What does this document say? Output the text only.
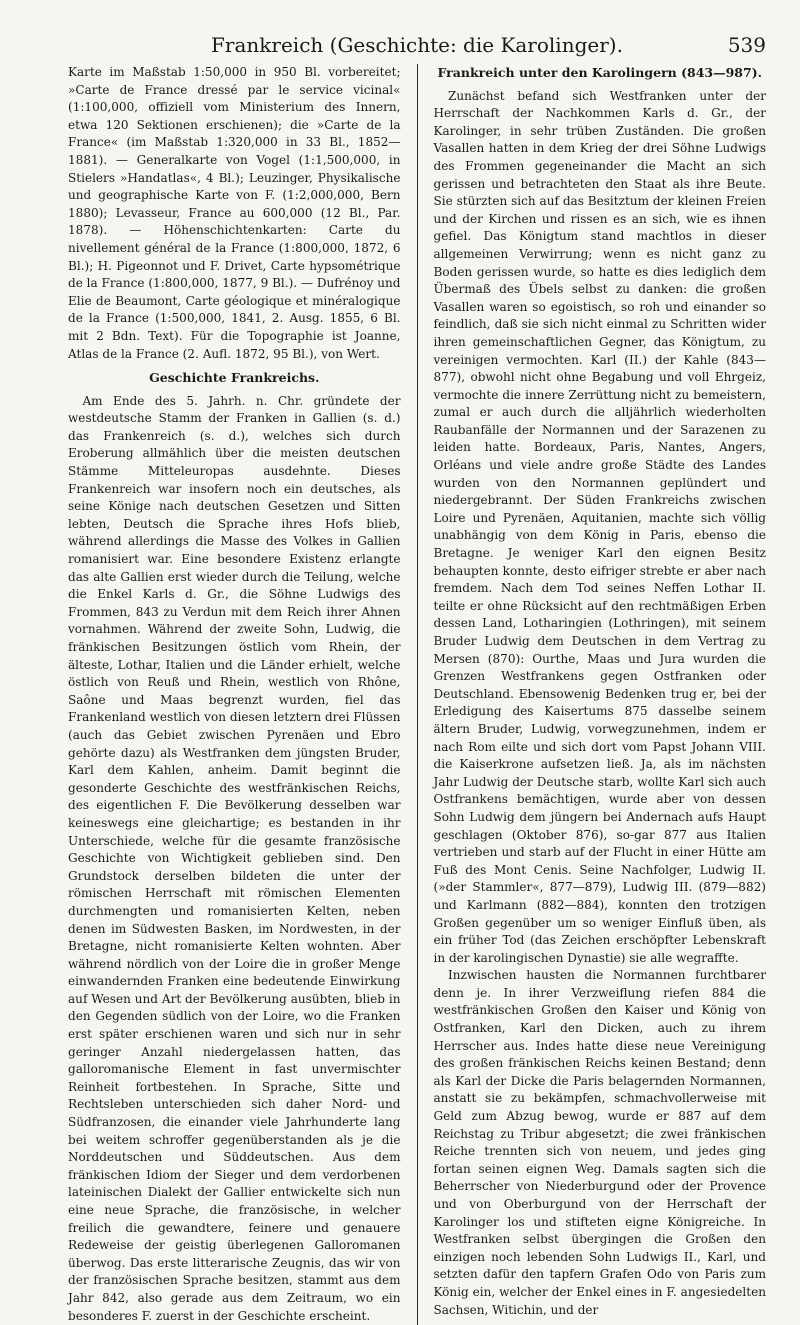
Frankreich (Geschichte: die Karolinger).	539

Karte im Maßstab 1:50,000 in 950 Bl. vorbereitet; »Carte de France dressé par le service vicinal« (1:100,000, offiziell vom Ministerium des Innern, etwa 120 Sektionen erschienen); die »Carte de la France« (im Maßstab 1:320,000 in 33 Bl., 1852—1881). — Generalkarte von Vogel (1:1,500,000, in Stielers »Handatlas«, 4 Bl.); Leuzinger, Physikalische und geographische Karte von F. (1:2,000,000, Bern 1880); Levasseur, France au 600,000 (12 Bl., Par. 1878). — Höhenschichtenkarten: Carte du nivellement général de la France (1:800,000, 1872, 6 Bl.); H. Pigeonnot und F. Drivet, Carte hypsométrique de la France (1:800,000, 1877, 9 Bl.). — Dufrénoy und Elie de Beaumont, Carte géologique et minéralogique de la France (1:500,000, 1841, 2. Ausg. 1855, 6 Bl. mit 2 Bdn. Text). Für die Topographie ist Joanne, Atlas de la France (2. Aufl. 1872, 95 Bl.), von Wert.

Geschichte Frankreichs.

Am Ende des 5. Jahrh. n. Chr. gründete der westdeutsche Stamm der Franken in Gallien (s. d.) das Frankenreich (s. d.), welches sich durch Eroberung allmählich über die meisten deutschen Stämme Mitteleuropas ausdehnte. Dieses Frankenreich war insofern noch ein deutsches, als seine Könige nach deutschen Gesetzen und Sitten lebten, Deutsch die Sprache ihres Hofs blieb, während allerdings die Masse des Volkes in Gallien romanisiert war. Eine besondere Existenz erlangte das alte Gallien erst wieder durch die Teilung, welche die Enkel Karls d. Gr., die Söhne Ludwigs des Frommen, 843 zu Verdun mit dem Reich ihrer Ahnen vornahmen. Während der zweite Sohn, Ludwig, die fränkischen Besitzungen östlich vom Rhein, der älteste, Lothar, Italien und die Länder erhielt, welche östlich von Reuß und Rhein, westlich von Rhône, Saône und Maas begrenzt wurden, fiel das Frankenland westlich von diesen letztern drei Flüssen (auch das Gebiet zwischen Pyrenäen und Ebro gehörte dazu) als Westfranken dem jüngsten Bruder, Karl dem Kahlen, anheim. Damit beginnt die gesonderte Geschichte des westfränkischen Reichs, des eigentlichen F. Die Bevölkerung desselben war keineswegs eine gleichartige; es bestanden in ihr Unterschiede, welche für die gesamte französische Geschichte von Wichtigkeit geblieben sind. Den Grundstock derselben bildeten die unter der römischen Herrschaft mit römischen Elementen durchmengten und romanisierten Kelten, neben denen im Südwesten Basken, im Nordwesten, in der Bretagne, nicht romanisierte Kelten wohnten. Aber während nördlich von der Loire die in großer Menge einwandernden Franken eine bedeutende Einwirkung auf Wesen und Art der Bevölkerung ausübten, blieb in den Gegenden südlich von der Loire, wo die Franken erst später erschienen waren und sich nur in sehr geringer Anzahl niedergelassen hatten, das galloromanische Element in fast unvermischter Reinheit fortbestehen. In Sprache, Sitte und Rechtsleben unterschieden sich daher Nord- und Südfranzosen, die einander viele Jahrhunderte lang bei weitem schroffer gegenüberstanden als je die Norddeutschen und Süddeutschen. Aus dem fränkischen Idiom der Sieger und dem verdorbenen lateinischen Dialekt der Gallier entwickelte sich nun eine neue Sprache, die französische, in welcher freilich die gewandtere, feinere und genauere Redeweise der geistig überlegenen Galloromanen überwog. Das erste litterarische Zeugnis, das wir von der französischen Sprache besitzen, stammt aus dem Jahr 842, also gerade aus dem Zeitraum, wo ein besonderes F. zuerst in der Geschichte erscheint.

Frankreich unter den Karolingern (843—987).

Zunächst befand sich Westfranken unter der Herrschaft der Nachkommen Karls d. Gr., der Karolinger, in sehr trüben Zuständen. Die großen Vasallen hatten in dem Krieg der drei Söhne Ludwigs des Frommen gegeneinander die Macht an sich gerissen und betrachteten den Staat als ihre Beute. Sie stürzten sich auf das Besitztum der kleinen Freien und der Kirchen und rissen es an sich, wie es ihnen gefiel. Das Königtum stand machtlos in dieser allgemeinen Verwirrung; wenn es nicht ganz zu Boden gerissen wurde, so hatte es dies lediglich dem Übermaß des Übels selbst zu danken: die großen Vasallen waren so egoistisch, so roh und einander so feindlich, daß sie sich nicht einmal zu Schritten wider ihren gemeinschaftlichen Gegner, das Königtum, zu vereinigen vermochten. Karl (II.) der Kahle (843—877), obwohl nicht ohne Begabung und voll Ehrgeiz, vermochte die innere Zerrüttung nicht zu bemeistern, zumal er auch durch die alljährlich wiederholten Raubanfälle der Normannen und der Sarazenen zu leiden hatte. Bordeaux, Paris, Nantes, Angers, Orléans und viele andre große Städte des Landes wurden von den Normannen geplündert und niedergebrannt. Der Süden Frankreichs zwischen Loire und Pyrenäen, Aquitanien, machte sich völlig unabhängig von dem König in Paris, ebenso die Bretagne. Je weniger Karl den eignen Besitz behaupten konnte, desto eifriger strebte er aber nach fremdem. Nach dem Tod seines Neffen Lothar II. teilte er ohne Rücksicht auf den rechtmäßigen Erben dessen Land, Lotharingien (Lothringen), mit seinem Bruder Ludwig dem Deutschen in dem Vertrag zu Mersen (870): Ourthe, Maas und Jura wurden die Grenzen Westfrankens gegen Ostfranken oder Deutschland. Ebensowenig Bedenken trug er, bei der Erledigung des Kaisertums 875 dasselbe seinem ältern Bruder, Ludwig, vorwegzunehmen, indem er nach Rom eilte und sich dort vom Papst Johann VIII. die Kaiserkrone aufsetzen ließ. Ja, als im nächsten Jahr Ludwig der Deutsche starb, wollte Karl sich auch Ostfrankens bemächtigen, wurde aber von dessen Sohn Ludwig dem jüngern bei Andernach aufs Haupt geschlagen (Oktober 876), so-gar 877 aus Italien vertrieben und starb auf der Flucht in einer Hütte am Fuß des Mont Cenis. Seine Nachfolger, Ludwig II. (»der Stammler«, 877—879), Ludwig III. (879—882) und Karlmann (882—884), konnten den trotzigen Großen gegenüber um so weniger Einfluß üben, als ein früher Tod (das Zeichen erschöpfter Lebenskraft in der karolingischen Dynastie) sie alle wegraffte.

Inzwischen hausten die Normannen furchtbarer denn je. In ihrer Verzweiflung riefen 884 die westfränkischen Großen den Kaiser und König von Ostfranken, Karl den Dicken, auch zu ihrem Herrscher aus. Indes hatte diese neue Vereinigung des großen fränkischen Reichs keinen Bestand; denn als Karl der Dicke die Paris belagernden Normannen, anstatt sie zu bekämpfen, schmachvollerweise mit Geld zum Abzug bewog, wurde er 887 auf dem Reichstag zu Tribur abgesetzt; die zwei fränkischen Reiche trennten sich von neuem, und jedes ging fortan seinen eignen Weg. Damals sagten sich die Beherrscher von Niederburgund oder der Provence und von Oberburgund von der Herrschaft der Karolinger los und stifteten eigne Königreiche. In Westfranken selbst übergingen die Großen den einzigen noch lebenden Sohn Ludwigs II., Karl, und setzten dafür den tapfern Grafen Odo von Paris zum König ein, welcher der Enkel eines in F. angesiedelten Sachsen, Witichin, und der
